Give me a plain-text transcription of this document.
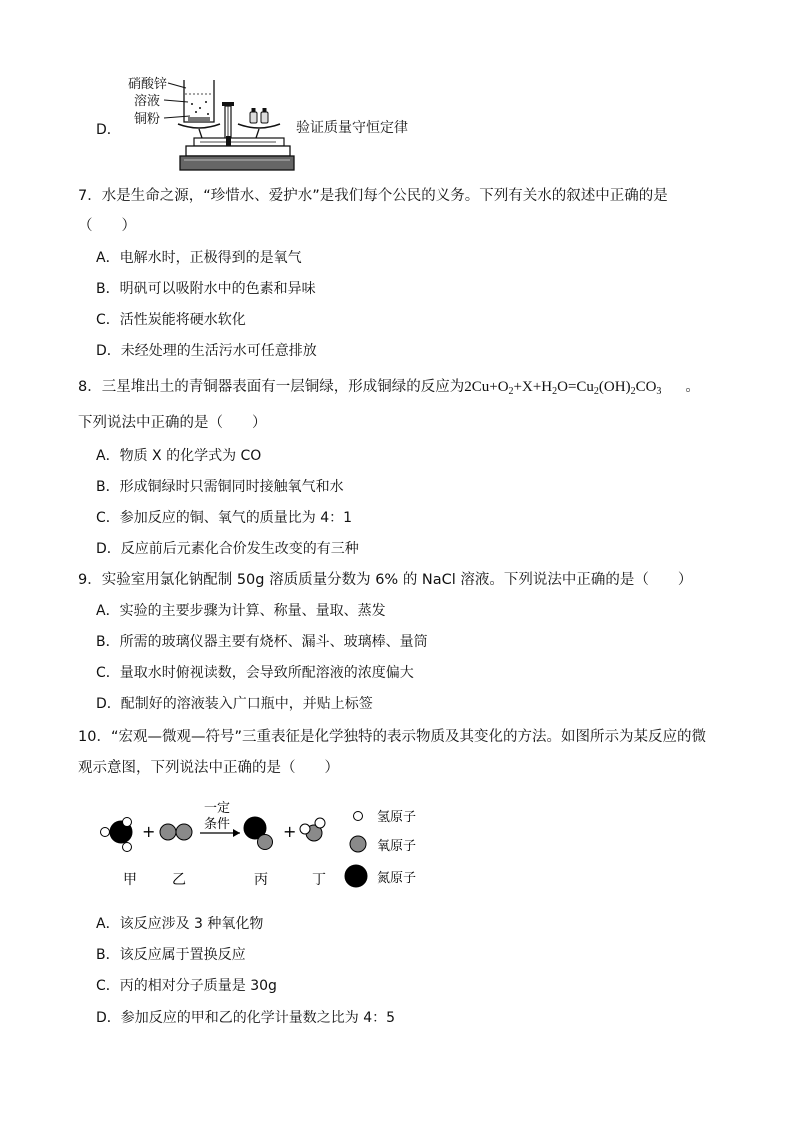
D．
硝酸锌
溶液
铜粉
验证质量守恒定律
7．水是生命之源，“珍惜水、爱护水”是我们每个公民的义务。下列有关水的叙述中正确的是
（　　）
A．电解水时，正极得到的是氧气
B．明矾可以吸附水中的色素和异味
C．活性炭能将硬水软化
D．未经处理的生活污水可任意排放
8．三星堆出土的青铜器表面有一层铜绿，形成铜绿的反应为$2Cu+O_2+X+H_2O=Cu_2(OH)_2CO_3$ 。
下列说法中正确的是（　　）
A．物质 X 的化学式为 CO
B．形成铜绿时只需铜同时接触氧气和水
C．参加反应的铜、氧气的质量比为 4：1
D．反应前后元素化合价发生改变的有三种
9．实验室用氯化钠配制 50g 溶质质量分数为 6% 的 NaCl 溶液。下列说法中正确的是（　　）
A．实验的主要步骤为计算、称量、量取、蒸发
B．所需的玻璃仪器主要有烧杯、漏斗、玻璃棒、量筒
C．量取水时俯视读数，会导致所配溶液的浓度偏大
D．配制好的溶液装入广口瓶中，并贴上标签
10．“宏观—微观—符号”三重表征是化学独特的表示物质及其变化的方法。如图所示为某反应的微
观示意图，下列说法中正确的是（　　）
+
一定
条件	+
甲	乙	丙	丁
氢原子
氧原子
氮原子
A．该反应涉及 3 种氧化物
B．该反应属于置换反应
C．丙的相对分子质量是 30g
D．参加反应的甲和乙的化学计量数之比为 4：5
